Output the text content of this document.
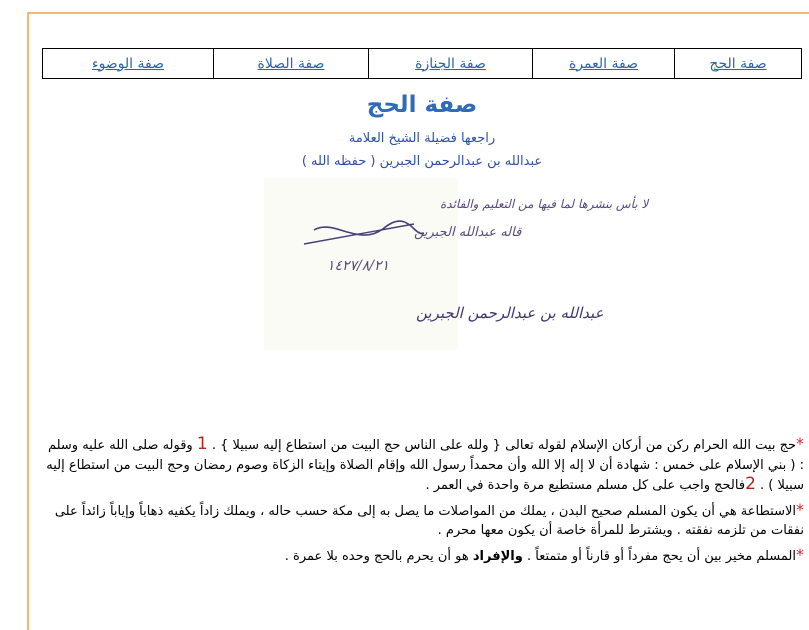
صفة الحج
صفة العمرة
صفة الجنازة
صفة الصلاة
صفة الوضوء
صفة الحج
راجعها فضيلة الشيخ العلامة
عبدالله بن عبدالرحمن الجبرين ( حفظه الله )
لا بأس بنشرها لما فيها من التعليم والفائدة
قاله عبدالله الجبرين
١٤٢٧/٨/٢١
عبدالله بن عبدالرحمن الجبرين

*حج بيت الله الحرام ركن من أركان الإسلام لقوله تعالى { ولله على الناس حج البيت من استطاع إليه سبيلا } . 1 وقوله صلى الله عليه وسلم : ( بني الإسلام على خمس : شهادة أن لا إله إلا الله وأن محمداً رسول الله وإقام الصلاة وإيتاء الزكاة وصوم رمضان وحج البيت من استطاع إليه سبيلا ) . 2فالحج واجب على كل مسلم مستطيع مرة واحدة في العمر .

*الاستطاعة هي أن يكون المسلم صحيح البدن ، يملك من المواصلات ما يصل به إلى مكة حسب حاله ، ويملك زاداً يكفيه ذهاباً وإياباً زائداً على نفقات من تلزمه نفقته . ويشترط للمرأة خاصة أن يكون معها محرم .

*المسلم مخير بين أن يحج مفرداً أو قارناً أو متمتعاً . والإفراد هو أن يحرم بالحج وحده بلا عمرة .
